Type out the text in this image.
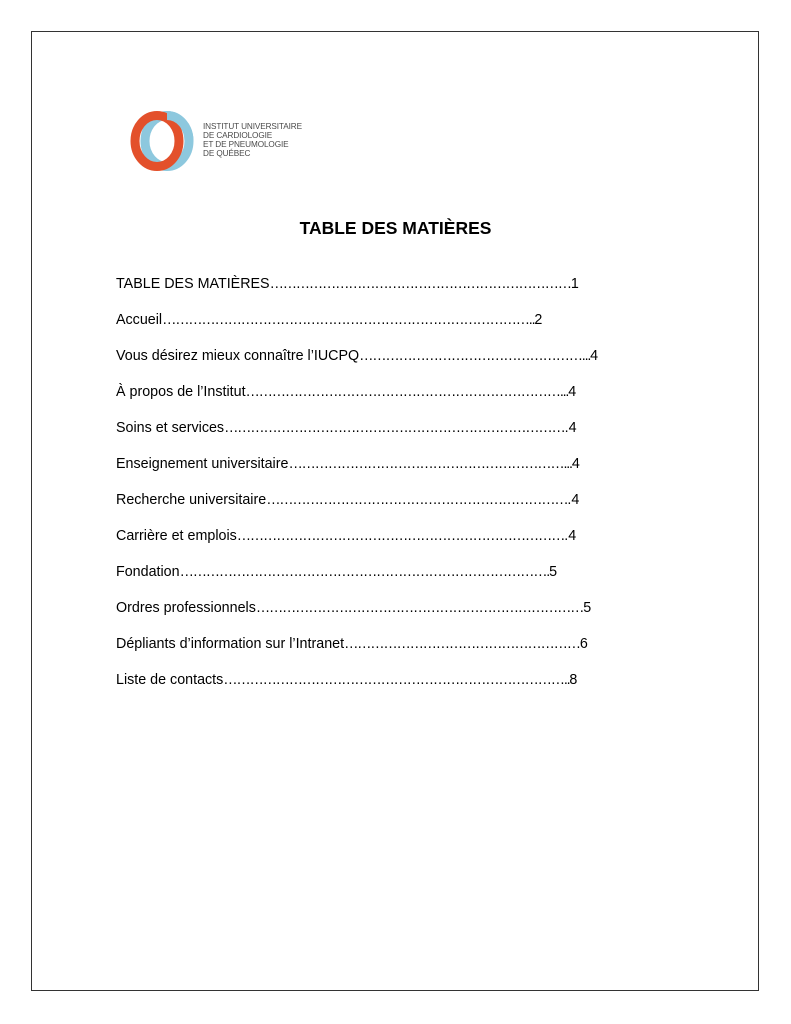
INSTITUT UNIVERSITAIRE
DE CARDIOLOGIE
ET DE PNEUMOLOGIE
DE QUÉBEC
TABLE DES MATIÈRES
TABLE DES MATIÈRES……………………………………………………………1
Accueil…………………………………………………………………………..2
Vous désirez mieux connaître l’IUCPQ……………………………………………...4
À propos de l’Institut………………………………………………………………...4
Soins et services…………………………………………………………………….4
Enseignement universitaire………………………………………………………...4
Recherche universitaire…………………………………………………………….4
Carrière et emplois………………………………………………………………….4
Fondation………………………………………………………………………….5
Ordres professionnels…………………………………………………………………5
Dépliants d’information sur l’Intranet………………………………………………6
Liste de contacts……………………………………………………………………..8
